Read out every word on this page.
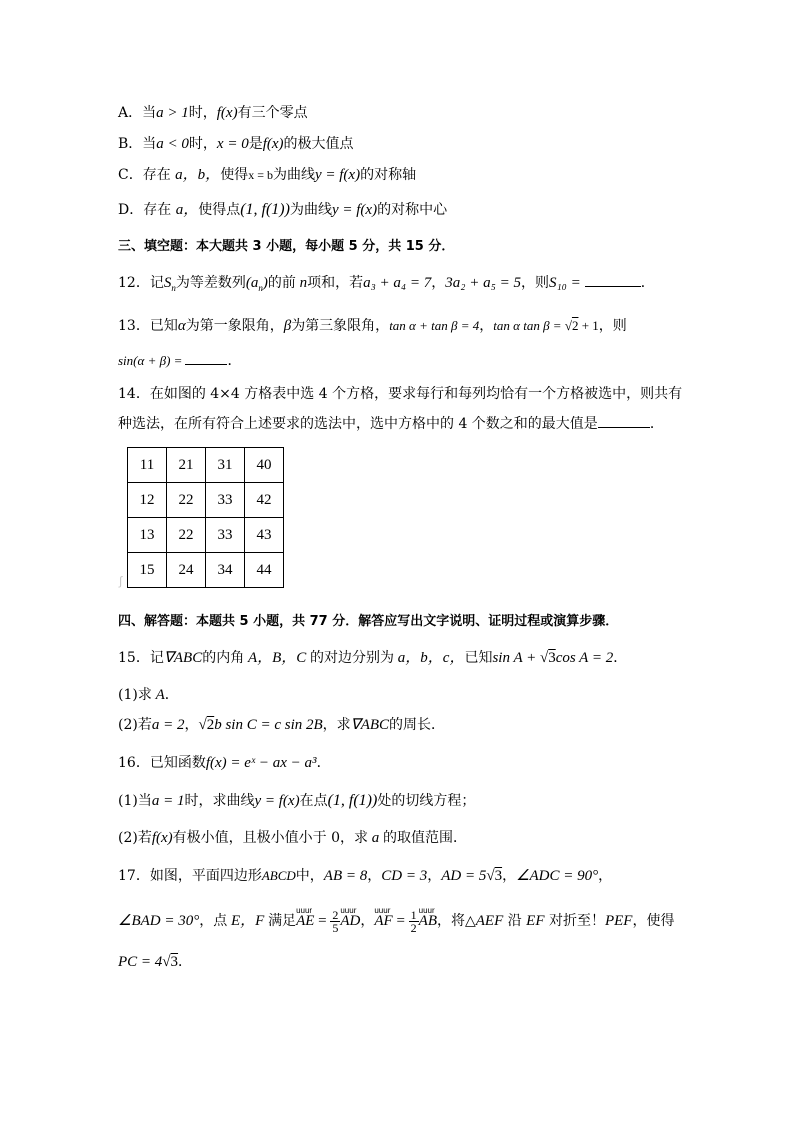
A．当a > 1时，f(x)有三个零点
B．当a < 0时，x = 0是f(x)的极大值点
C．存在 a，b，使得x = b为曲线y = f(x)的对称轴
D．存在 a，使得点(1, f(1))为曲线y = f(x)的对称中心
三、填空题：本大题共 3 小题，每小题 5 分，共 15 分．
12．记$S_n$为等差数列$(a_n)$的前 n项和，若a₃ + a₄ = 7，3a₂ + a₅ = 5，则S₁₀ =	．
13．已知α为第一象限角，β为第三象限角，tan α + tan β = 4，tan α tan β = √2 + 1，则
sin(α + β) =	．
14．在如图的 4×4 方格表中选 4 个方格，要求每行和每列均恰有一个方格被选中，则共有
种选法，在所有符合上述要求的选法中，选中方格中的 4 个数之和的最大值是	．
11	21	31	40
12	22	33	42
13	22	33	43
15	24	34	44
∫
四、解答题：本题共 5 小题，共 77 分．解答应写出文字说明、证明过程或演算步骤．
15．记∇ABC的内角 A，B，C 的对边分别为 a，b，c，已知sin A + √3cos A = 2．
(1)求 A．
(2)若a = 2，√2b sin C = c sin 2B，求∇ABC的周长．
16．已知函数f(x) = eˣ − ax − a³．
(1)当a = 1时，求曲线y = f(x)在点(1, f(1))处的切线方程；
(2)若f(x)有极小值，且极小值小于 0，求 a 的取值范围．
17．如图，平面四边形ABCD中，AB = 8，CD = 3，AD = 5√3，∠ADC = 90°，
∠BAD = 30°，点 E，F 满足
uuur
AE = $\frac{2}{5}$ uuur
AD，
uuur
AF = $\frac{1}{2}$ uuur
AB，将△AEF 沿 EF 对折至！PEF，使得
PC = 4√3．
